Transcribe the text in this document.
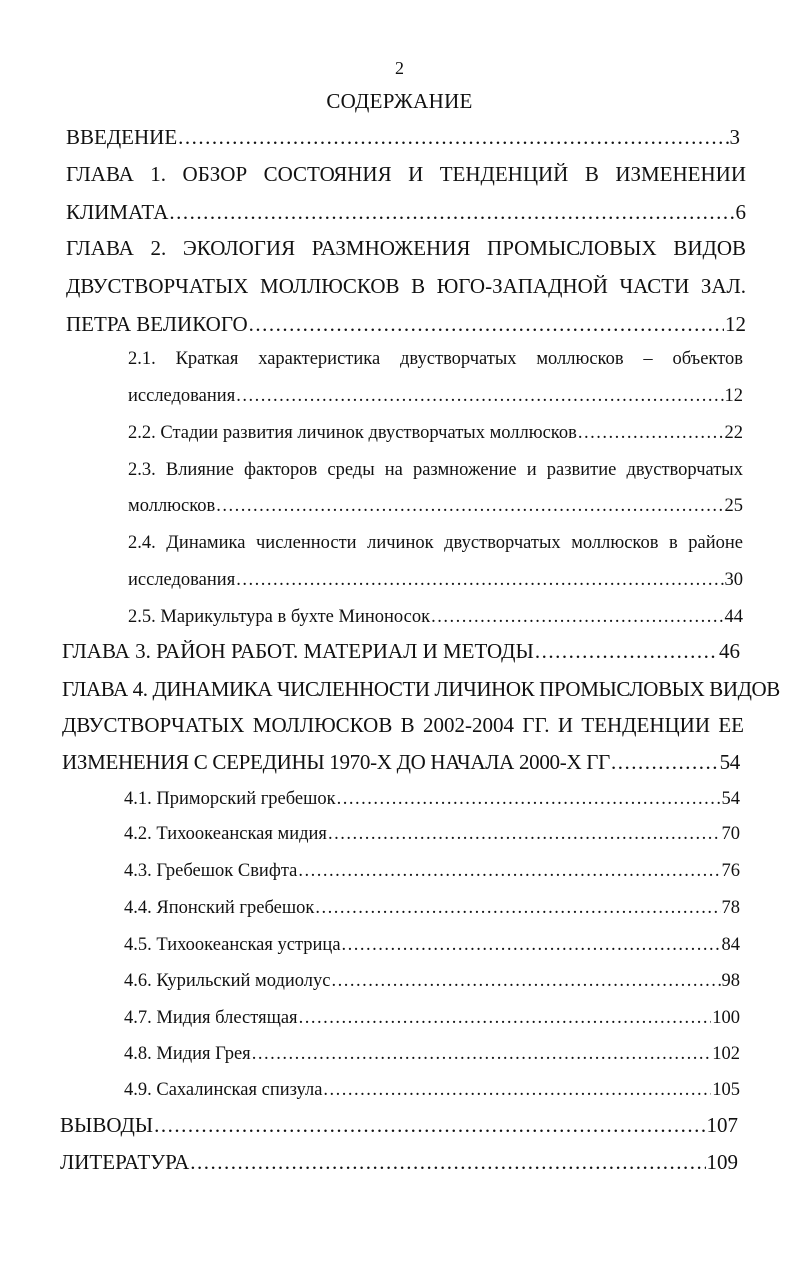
2
СОДЕРЖАНИЕ
ВВЕДЕНИЕ .....	3
ГЛАВА 1. ОБЗОР СОСТОЯНИЯ И ТЕНДЕНЦИЙ В ИЗМЕНЕНИИ
КЛИМАТА .....	6
ГЛАВА 2. ЭКОЛОГИЯ РАЗМНОЖЕНИЯ ПРОМЫСЛОВЫХ ВИДОВ
ДВУСТВОРЧАТЫХ МОЛЛЮСКОВ В ЮГО-ЗАПАДНОЙ ЧАСТИ ЗАЛ.
ПЕТРА ВЕЛИКОГО .....	12
2.1. Краткая характеристика двустворчатых моллюсков – объектов
исследования .....	12
2.2. Стадии развития личинок двустворчатых моллюсков .....	22
2.3. Влияние факторов среды на размножение и развитие двустворчатых
моллюсков .....	25
2.4. Динамика численности личинок двустворчатых моллюсков в районе
исследования .....	30
2.5. Марикультура в бухте Миноносок .....	44
ГЛАВА 3. РАЙОН РАБОТ. МАТЕРИАЛ И МЕТОДЫ .....	46
ГЛАВА 4. ДИНАМИКА ЧИСЛЕННОСТИ ЛИЧИНОК ПРОМЫСЛОВЫХ ВИДОВ
ДВУСТВОРЧАТЫХ МОЛЛЮСКОВ В 2002-2004 ГГ. И ТЕНДЕНЦИИ ЕЕ
ИЗМЕНЕНИЯ С СЕРЕДИНЫ 1970-Х ДО НАЧАЛА 2000-Х ГГ .....	54
4.1. Приморский гребешок .....	54
4.2. Тихоокеанская мидия .....	70
4.3. Гребешок Свифта .....	76
4.4. Японский гребешок .....	78
4.5. Тихоокеанская устрица .....	84
4.6. Курильский модиолус .....	98
4.7. Мидия блестящая .....	100
4.8. Мидия Грея .....	102
4.9. Сахалинская спизула .....	105
ВЫВОДЫ .....	107
ЛИТЕРАТУРА .....	109
